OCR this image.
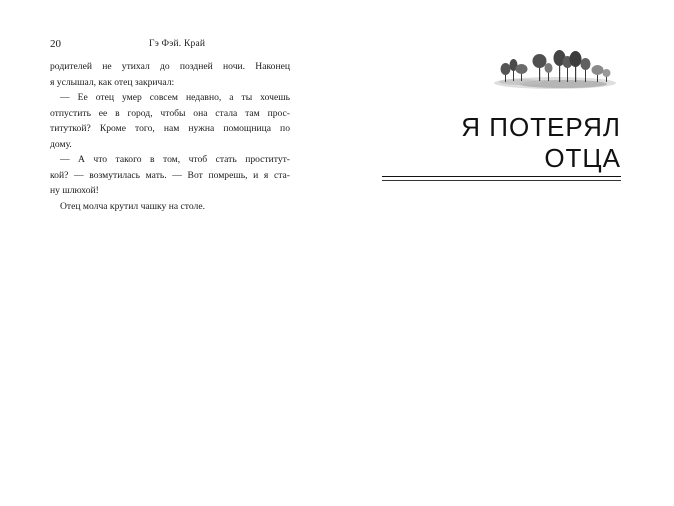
20	Гэ Фэй. Край
родителей не утихал до поздней ночи. Наконец
я услышал, как отец закричал:
— Ее отец умер совсем недавно, а ты хочешь
отпустить ее в город, чтобы она стала там прос-
титуткой? Кроме того, нам нужна помощница по
дому.
— А что такого в том, чтоб стать проститут-
кой? — возмутилась мать. — Вот помрешь, и я ста-
ну шлюхой!
Отец молча крутил чашку на столе.
Я ПОТЕРЯЛ
ОТЦА
